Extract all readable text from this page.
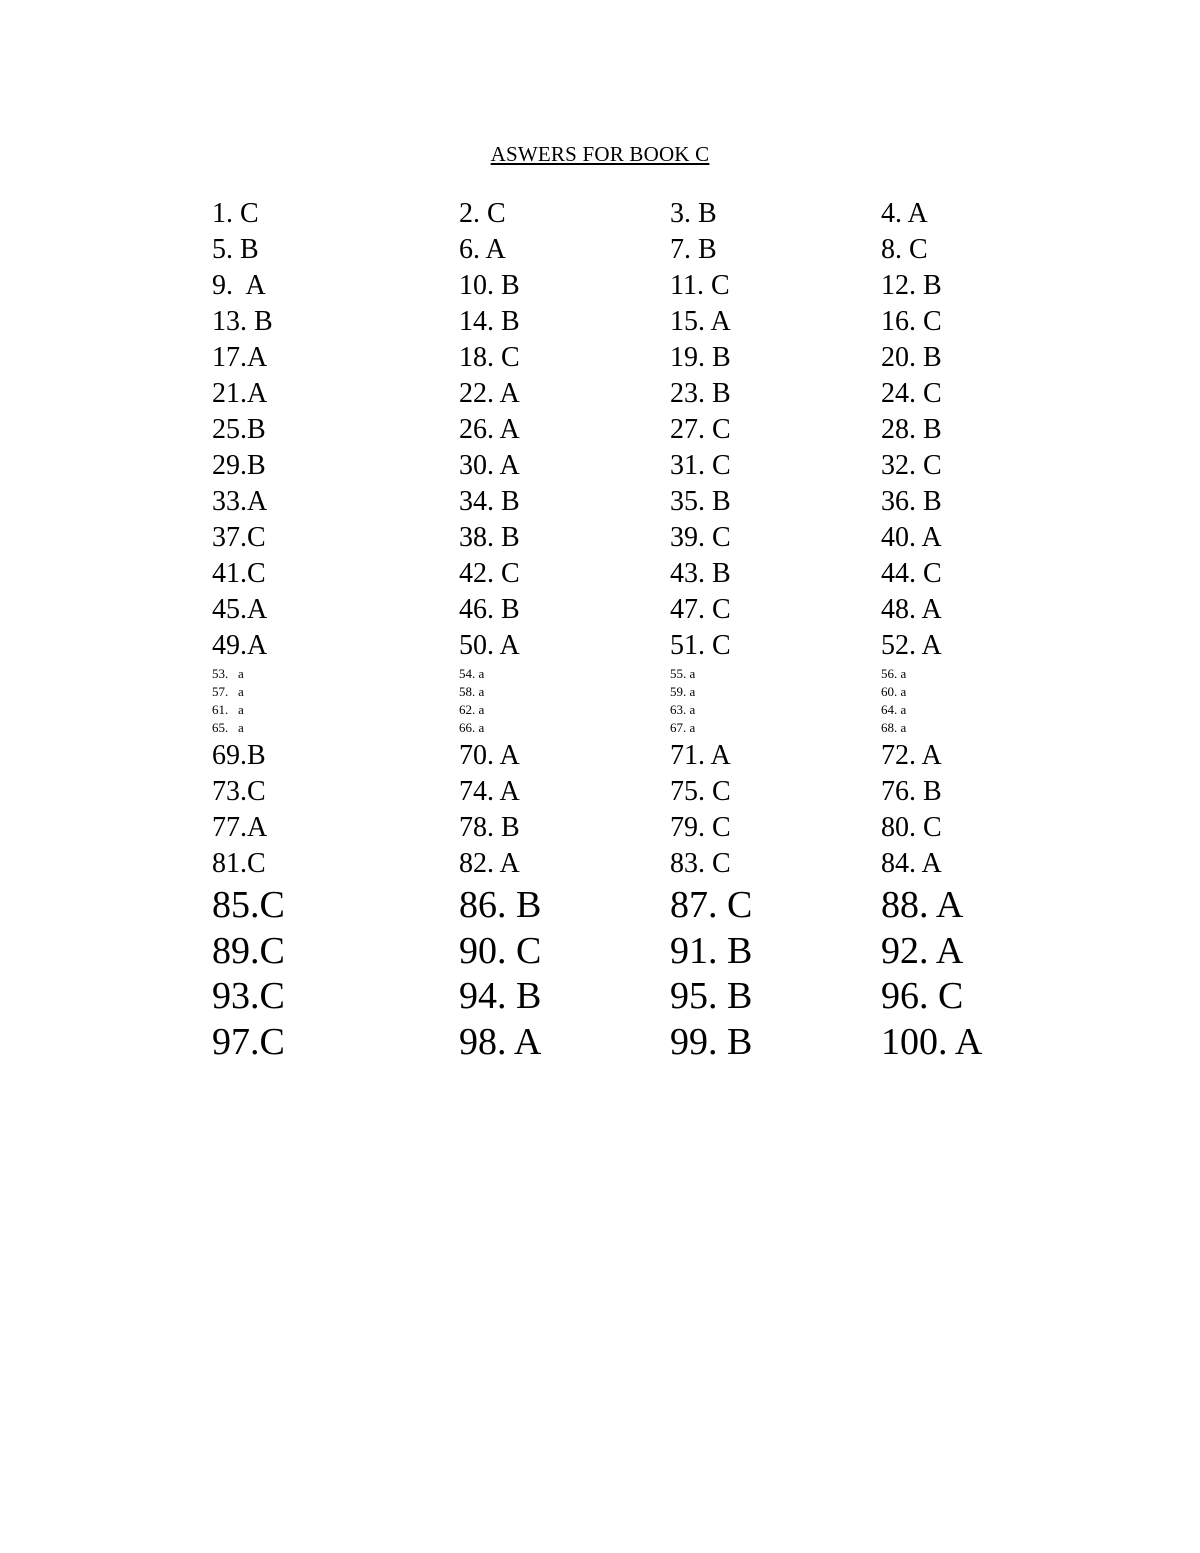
ASWERS FOR BOOK C
1. C	2. C	3. B	4. A
5. B	6. A	7. B	8. C
9.  A	10. B	11. C	12. B
13. B	14. B	15. A	16. C
17.A	18. C	19. B	20. B
21.A	22. A	23. B	24. C
25.B	26. A	27. C	28. B
29.B	30. A	31. C	32. C
33.A	34. B	35. B	36. B
37.C	38. B	39. C	40. A
41.C	42. C	43. B	44. C
45.A	46. B	47. C	48. A
49.A	50. A	51. C	52. A
53.   a	54. a	55. a	56. a
57.   a	58. a	59. a	60. a
61.   a	62. a	63. a	64. a
65.   a	66. a	67. a	68. a
69.B	70. A	71. A	72. A
73.C	74. A	75. C	76. B
77.A	78. B	79. C	80. C
81.C	82. A	83. C	84. A
85.C	86. B	87. C	88. A
89.C	90. C	91. B	92. A
93.C	94. B	95. B	96. C
97.C	98. A	99. B	100. A
